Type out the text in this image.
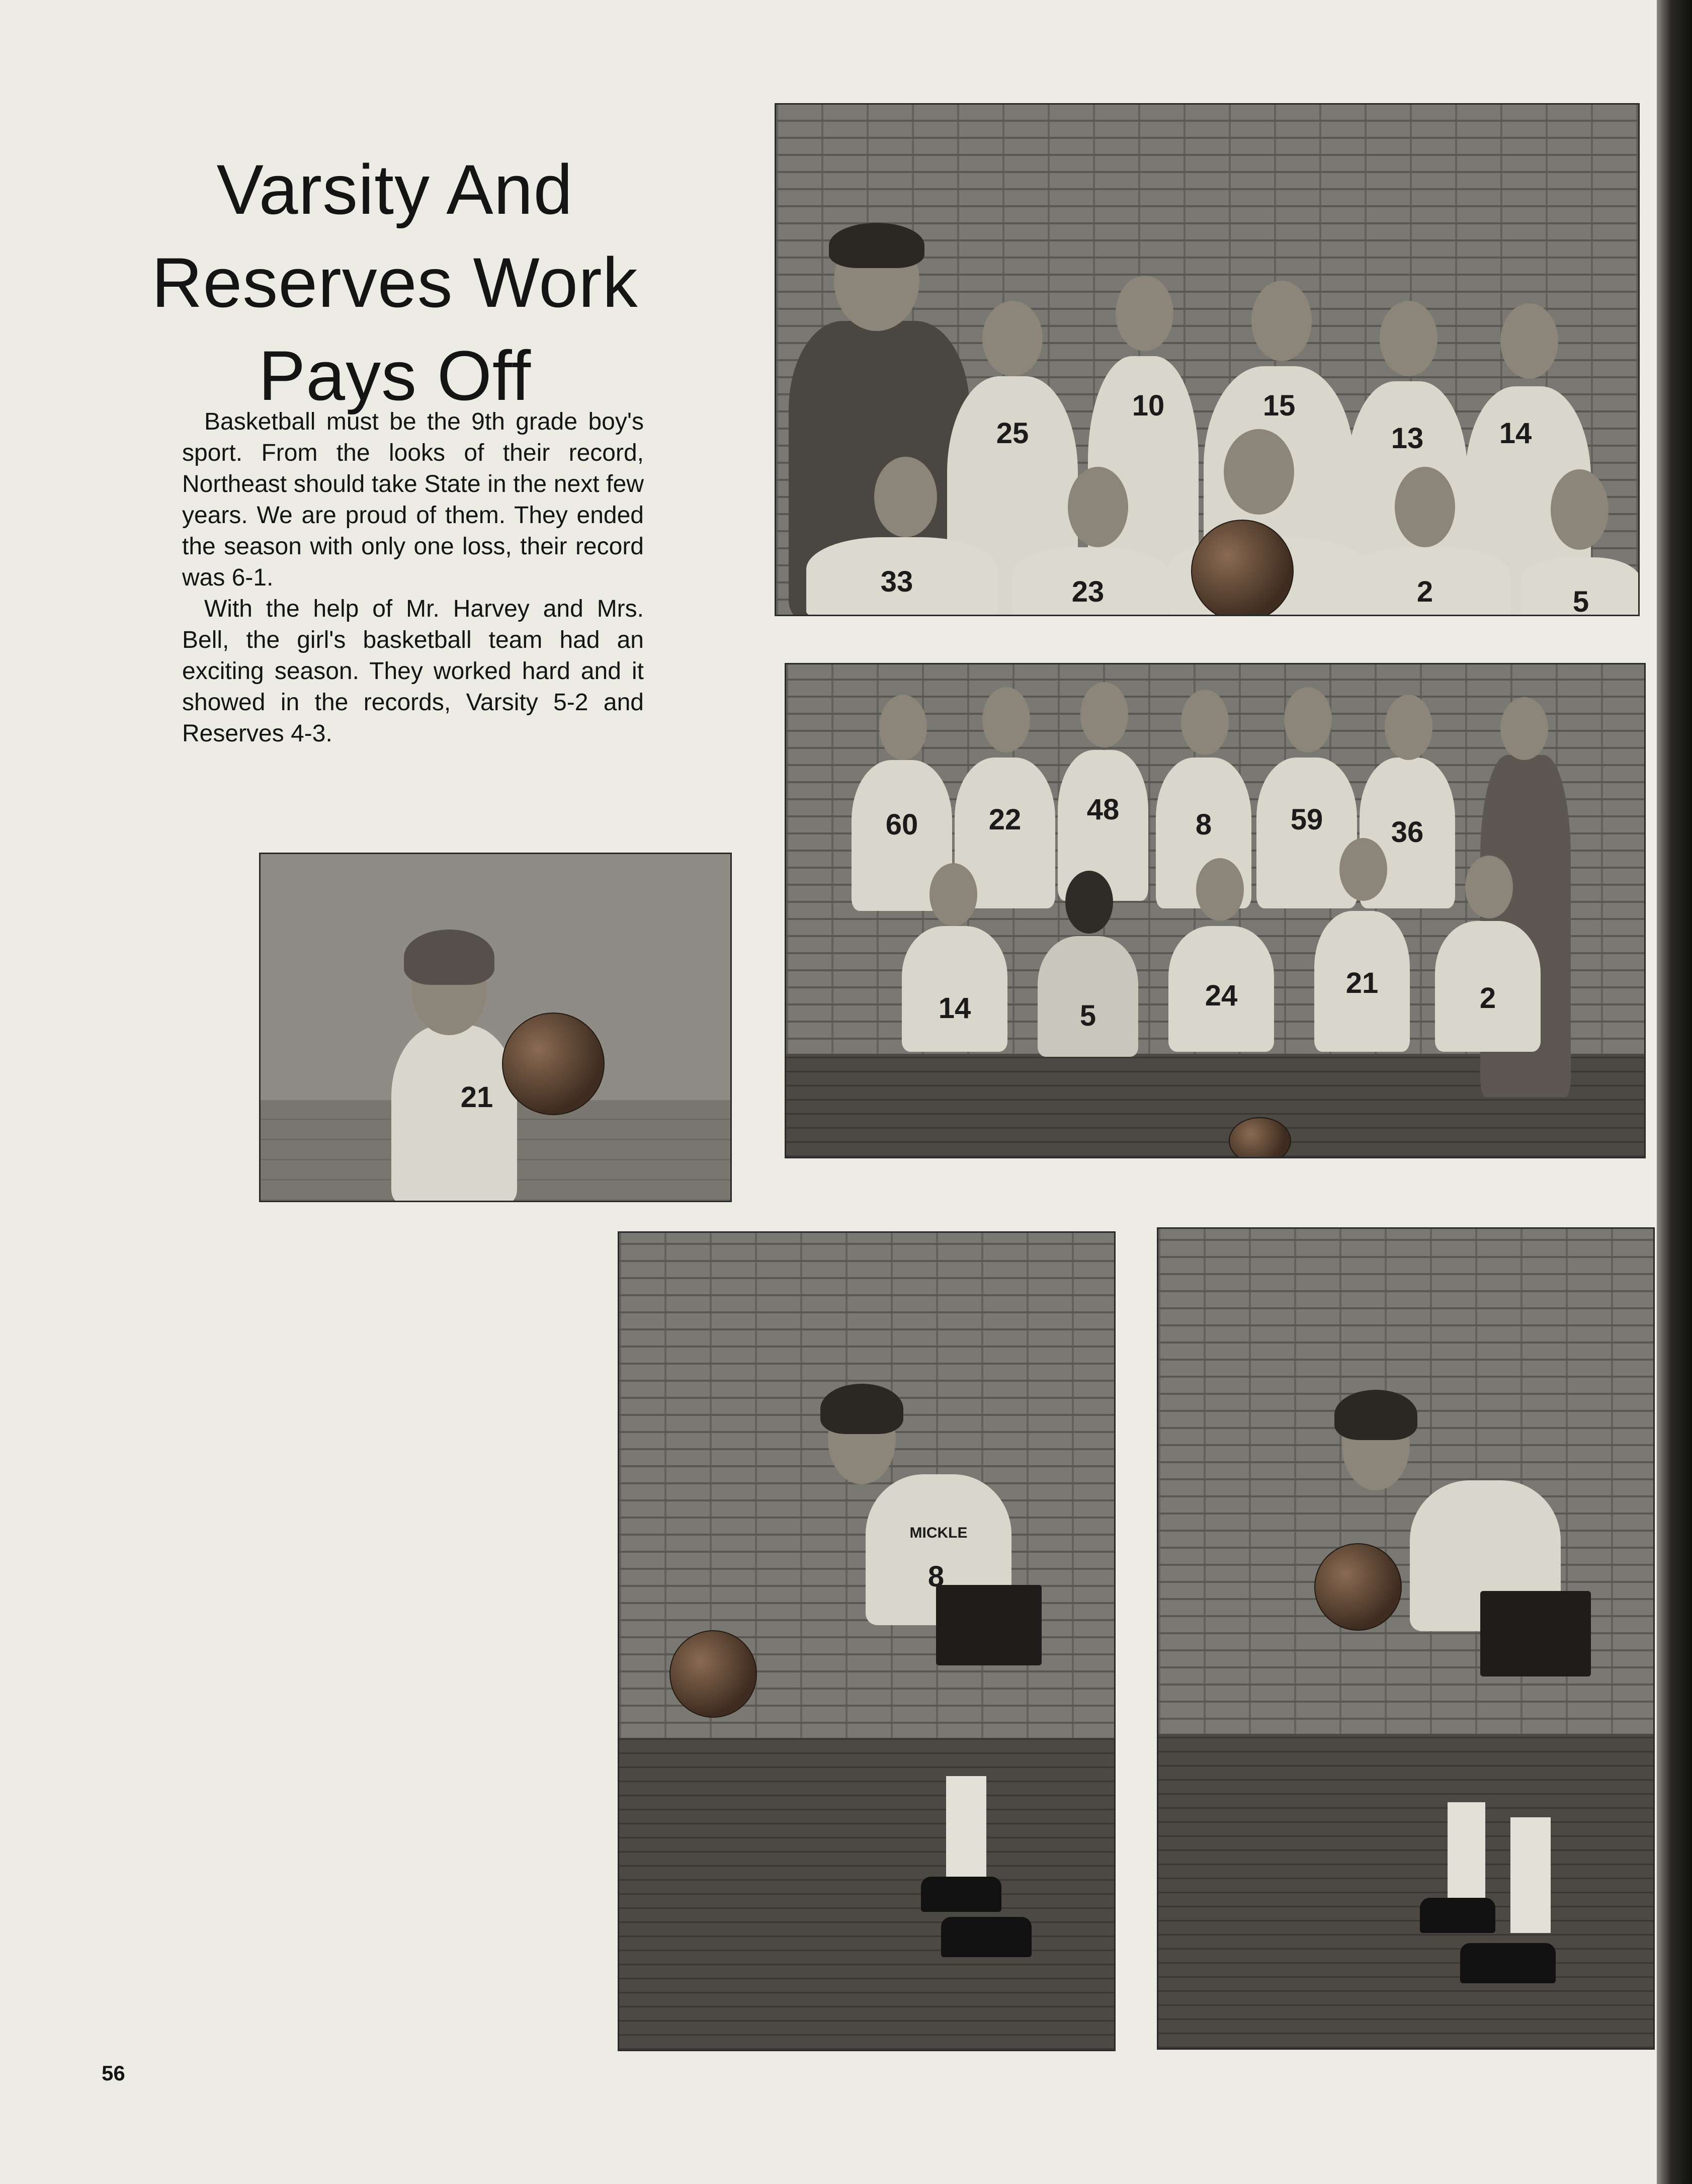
Varsity And
Reserves Work
Pays Off

Basketball must be the 9th grade boy's sport. From the looks of their record, Northeast should take State in the next few years. We are proud of them. They ended the season with only one loss, their record was 6-1.

With the help of Mr. Harvey and Mrs. Bell, the girl's basketball team had an exciting season. They worked hard and it showed in the records, Varsity 5-2 and Reserves 4-3.

25
10	15
13	14
33	23	2	5
60	22	48	8	59	36
14	5
24	21	2
21
MICKLE
8
56
